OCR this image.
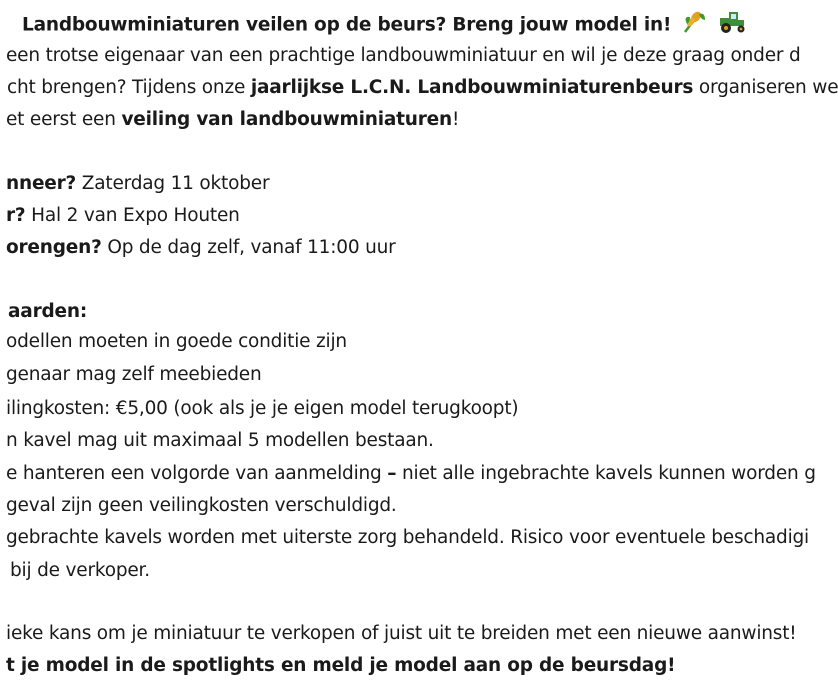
Landbouwminiaturen veilen op de beurs? Breng jouw model in!
een trotse eigenaar van een prachtige landbouwminiatuur en wil je deze graag onder d
cht brengen? Tijdens onze jaarlijkse L.C.N. Landbouwminiaturenbeurs organiseren we
et eerst een veiling van landbouwminiaturen!
nneer? Zaterdag 11 oktober
r? Hal 2 van Expo Houten
orengen? Op de dag zelf, vanaf 11:00 uur
aarden:
odellen moeten in goede conditie zijn
genaar mag zelf meebieden
ilingkosten: €5,00 (ook als je je eigen model terugkoopt)
n kavel mag uit maximaal 5 modellen bestaan.
e hanteren een volgorde van aanmelding – niet alle ingebrachte kavels kunnen worden g
geval zijn geen veilingkosten verschuldigd.
gebrachte kavels worden met uiterste zorg behandeld. Risico voor eventuele beschadigi
bij de verkoper.
ieke kans om je miniatuur te verkopen of juist uit te breiden met een nieuwe aanwinst!
t je model in de spotlights en meld je model aan op de beursdag!
